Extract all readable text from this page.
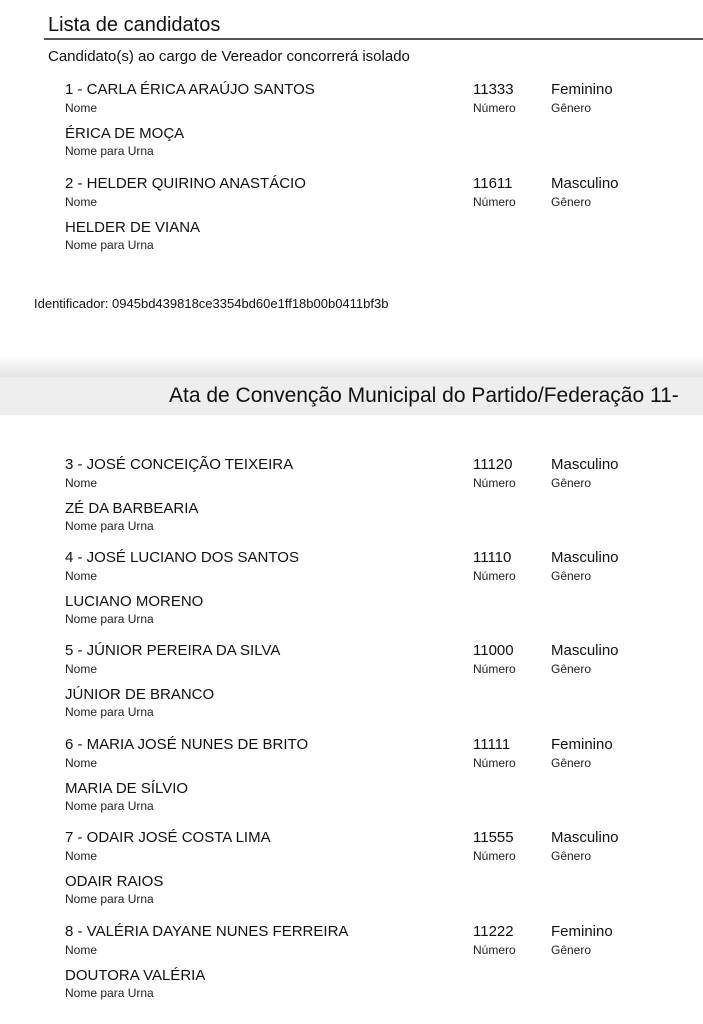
Lista de candidatos
Candidato(s) ao cargo de Vereador concorrerá isolado
1 - CARLA ÉRICA ARAÚJO SANTOS	11333 Feminino
Nome	Número	Gênero
ÉRICA DE MOÇA
Nome para Urna
2 - HELDER QUIRINO ANASTÁCIO	11611	Masculino
Nome	Número	Gênero
HELDER DE VIANA
Nome para Urna
Identificador: 0945bd439818ce3354bd60e1ff18b00b0411bf3b
Ata de Convenção Municipal do Partido/Federação 11-
3 - JOSÉ CONCEIÇÃO TEIXEIRA	11120	Masculino
Nome	Número	Gênero
ZÉ DA BARBEARIA
Nome para Urna
4 - JOSÉ LUCIANO DOS SANTOS	11110	Masculino
Nome	Número	Gênero
LUCIANO MORENO
Nome para Urna
5 - JÚNIOR PEREIRA DA SILVA	11000 Masculino
Nome	Número	Gênero
JÚNIOR DE BRANCO
Nome para Urna
6 - MARIA JOSÉ NUNES DE BRITO	11111	Feminino
Nome	Número	Gênero
MARIA DE SÍLVIO
Nome para Urna
7 - ODAIR JOSÉ COSTA LIMA	11555 Masculino
Nome	Número	Gênero
ODAIR RAIOS
Nome para Urna
8 - VALÉRIA DAYANE NUNES FERREIRA	11222 Feminino
Nome	Número	Gênero
DOUTORA VALÉRIA
Nome para Urna
